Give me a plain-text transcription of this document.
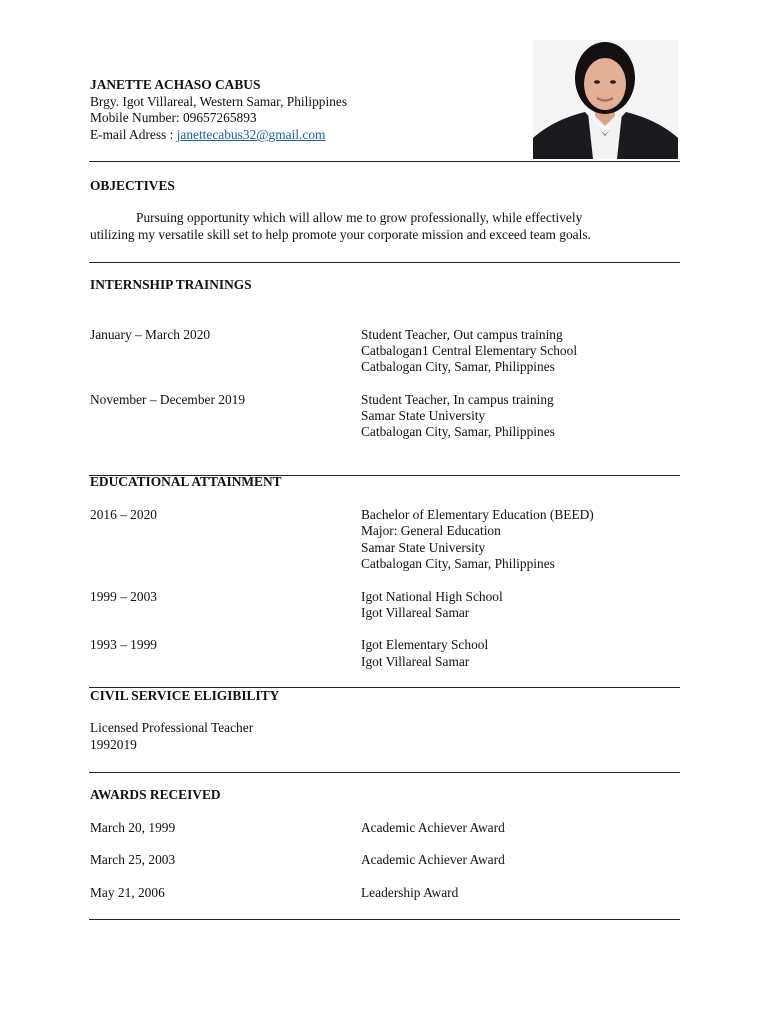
JANETTE ACHASO CABUS
Brgy. Igot Villareal, Western Samar, Philippines
Mobile Number: 09657265893
E-mail Adress : janettecabus32@gmail.com
OBJECTIVES
Pursuing opportunity which will allow me to grow professionally, while effectively
utilizing my versatile skill set to help promote your corporate mission and exceed team goals.
INTERNSHIP TRAININGS
January – March 2020	Student Teacher, Out campus training
Catbalogan1 Central Elementary School
Catbalogan City, Samar, Philippines
November – December 2019	Student Teacher, In campus training
Samar State University
Catbalogan City, Samar, Philippines
EDUCATIONAL ATTAINMENT
2016 – 2020	Bachelor of Elementary Education (BEED)
Major: General Education
Samar State University
Catbalogan City, Samar, Philippines
1999 – 2003	Igot National High School
Igot Villareal Samar
1993 – 1999	Igot Elementary School
Igot Villareal Samar
CIVIL SERVICE ELIGIBILITY
Licensed Professional Teacher
1992019
AWARDS RECEIVED
March 20, 1999	Academic Achiever Award
March 25, 2003	Academic Achiever Award
May 21, 2006	Leadership Award
